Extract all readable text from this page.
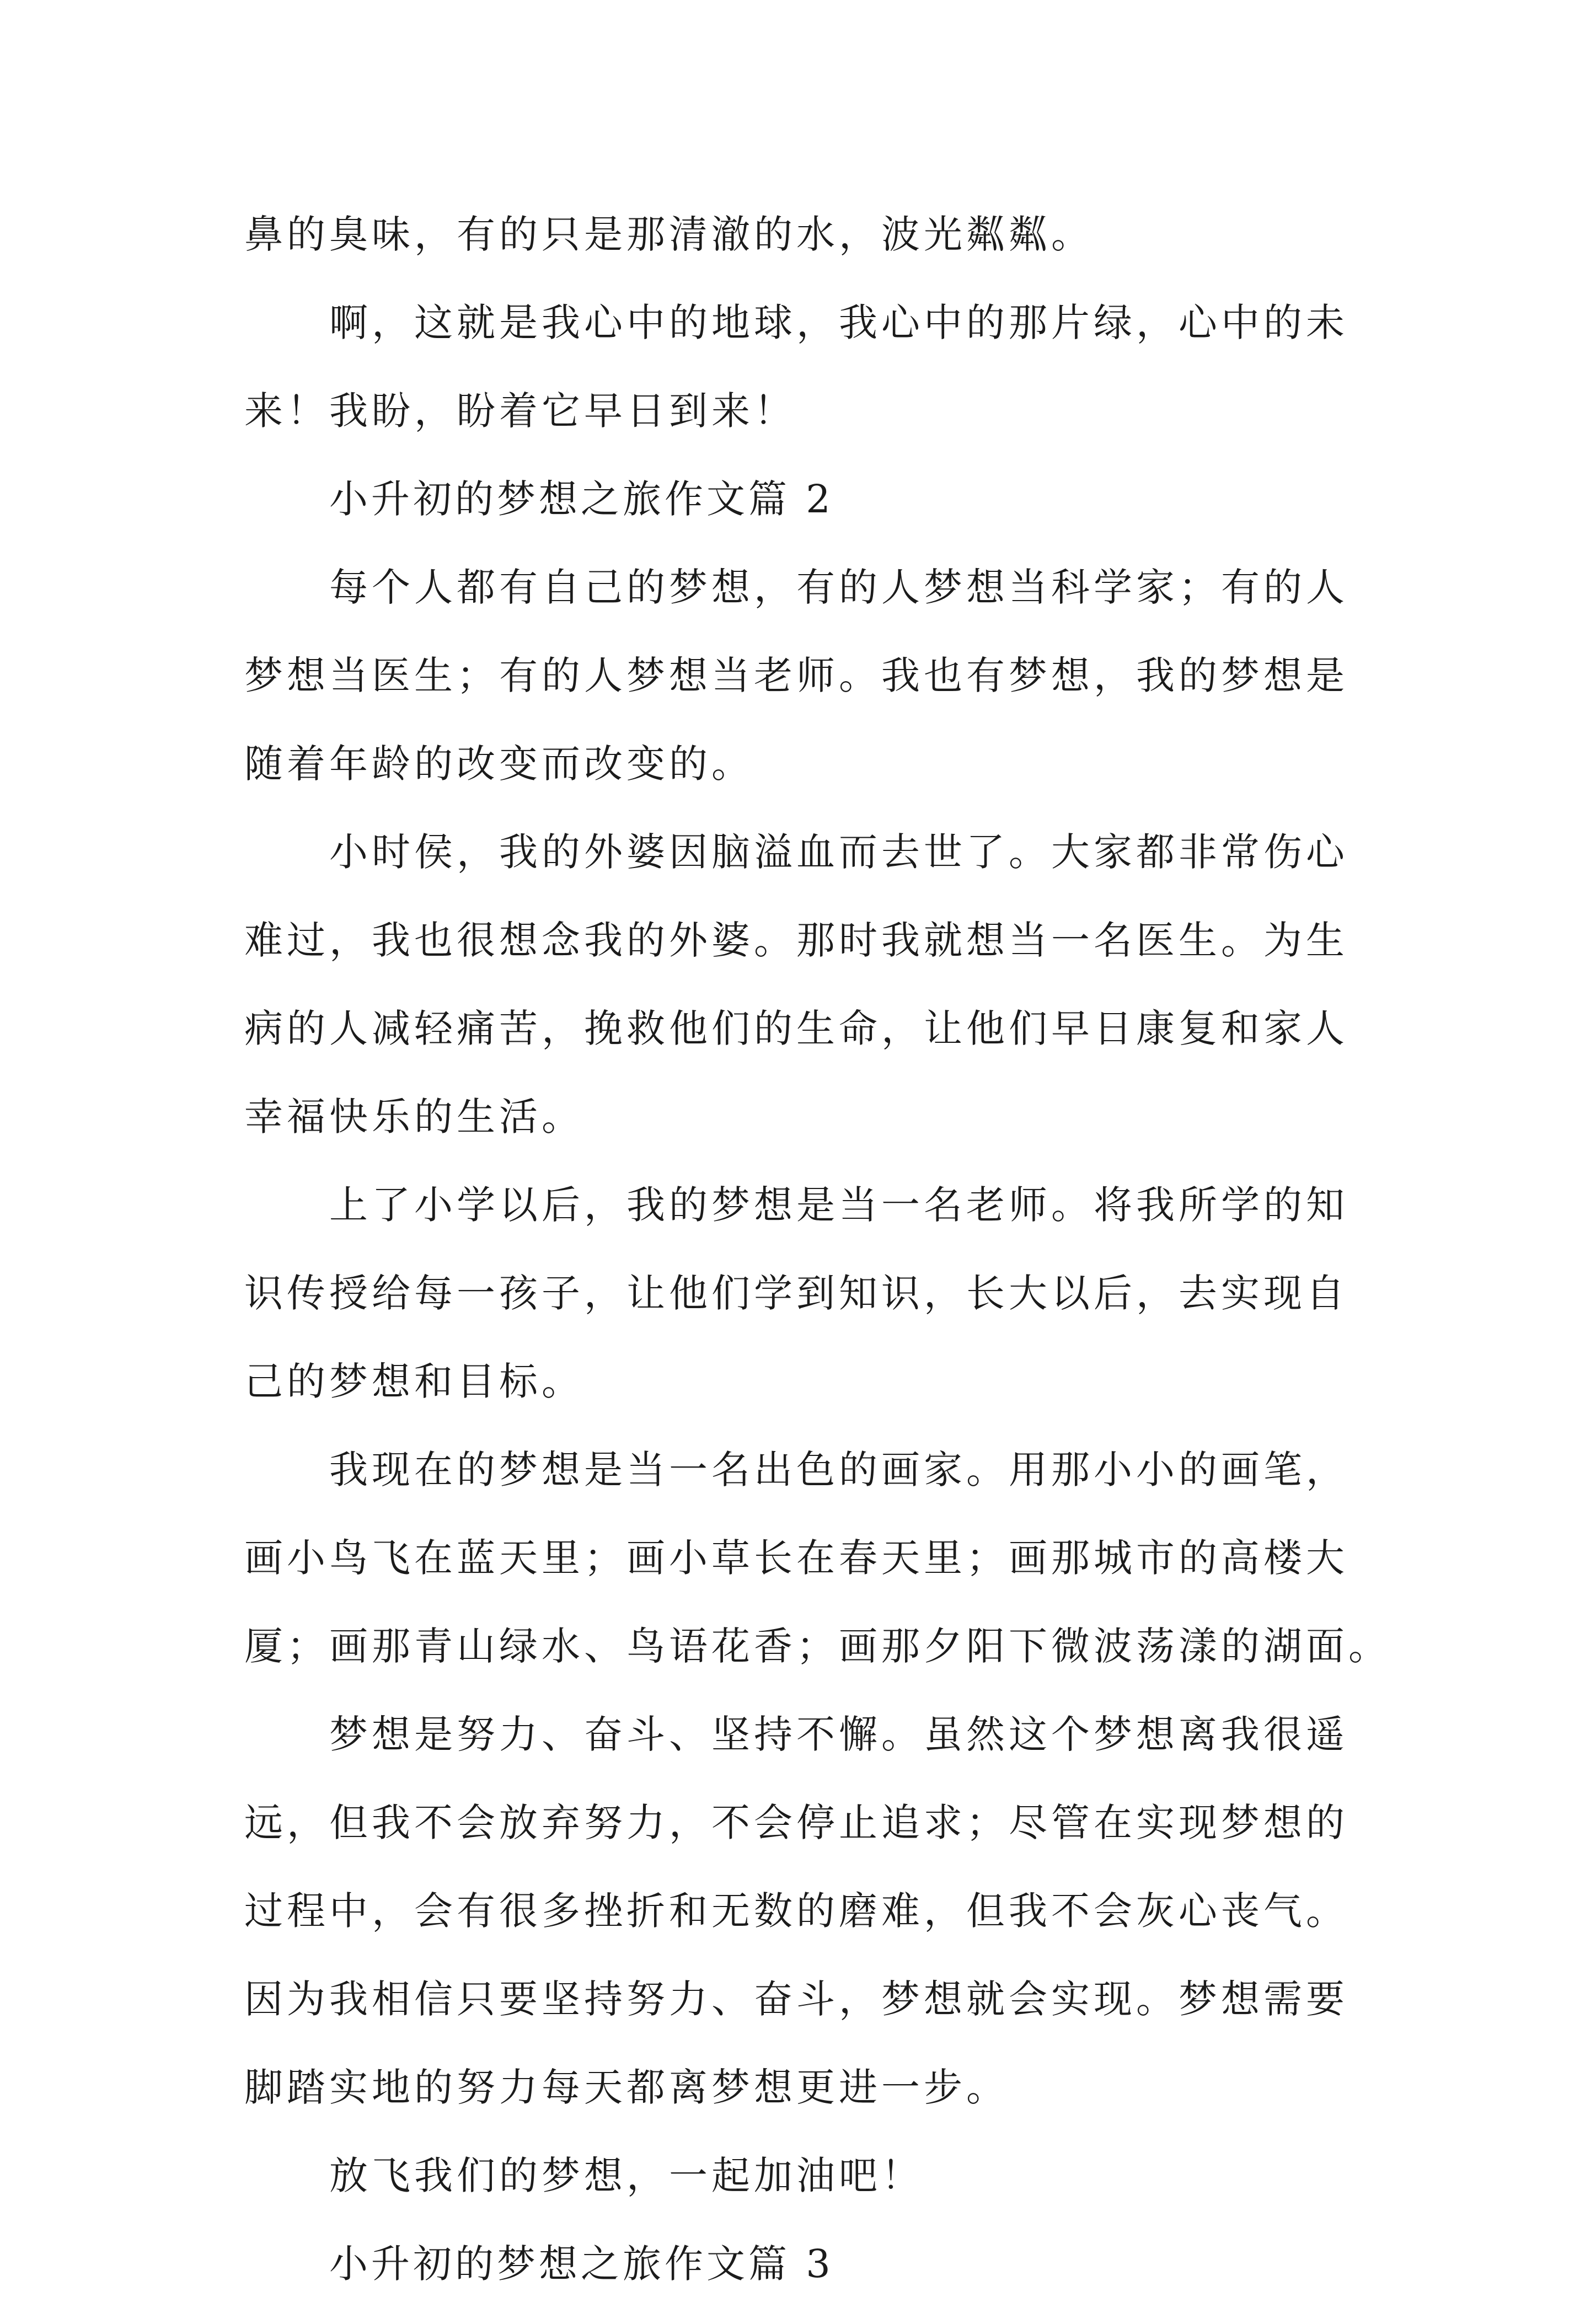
鼻的臭味，有的只是那清澈的水，波光粼粼。
啊，这就是我心中的地球，我心中的那片绿，心中的未
来！我盼，盼着它早日到来！
小升初的梦想之旅作文篇 2
每个人都有自己的梦想，有的人梦想当科学家；有的人
梦想当医生；有的人梦想当老师。我也有梦想，我的梦想是
随着年龄的改变而改变的。
小时侯，我的外婆因脑溢血而去世了。大家都非常伤心
难过，我也很想念我的外婆。那时我就想当一名医生。为生
病的人减轻痛苦，挽救他们的生命，让他们早日康复和家人
幸福快乐的生活。
上了小学以后，我的梦想是当一名老师。将我所学的知
识传授给每一孩子，让他们学到知识，长大以后，去实现自
己的梦想和目标。
我现在的梦想是当一名出色的画家。用那小小的画笔，
画小鸟飞在蓝天里；画小草长在春天里；画那城市的高楼大
厦；画那青山绿水、鸟语花香；画那夕阳下微波荡漾的湖面。
梦想是努力、奋斗、坚持不懈。虽然这个梦想离我很遥
远，但我不会放弃努力，不会停止追求；尽管在实现梦想的
过程中，会有很多挫折和无数的磨难，但我不会灰心丧气。
因为我相信只要坚持努力、奋斗，梦想就会实现。梦想需要
脚踏实地的努力每天都离梦想更进一步。
放飞我们的梦想，一起加油吧！
小升初的梦想之旅作文篇 3
